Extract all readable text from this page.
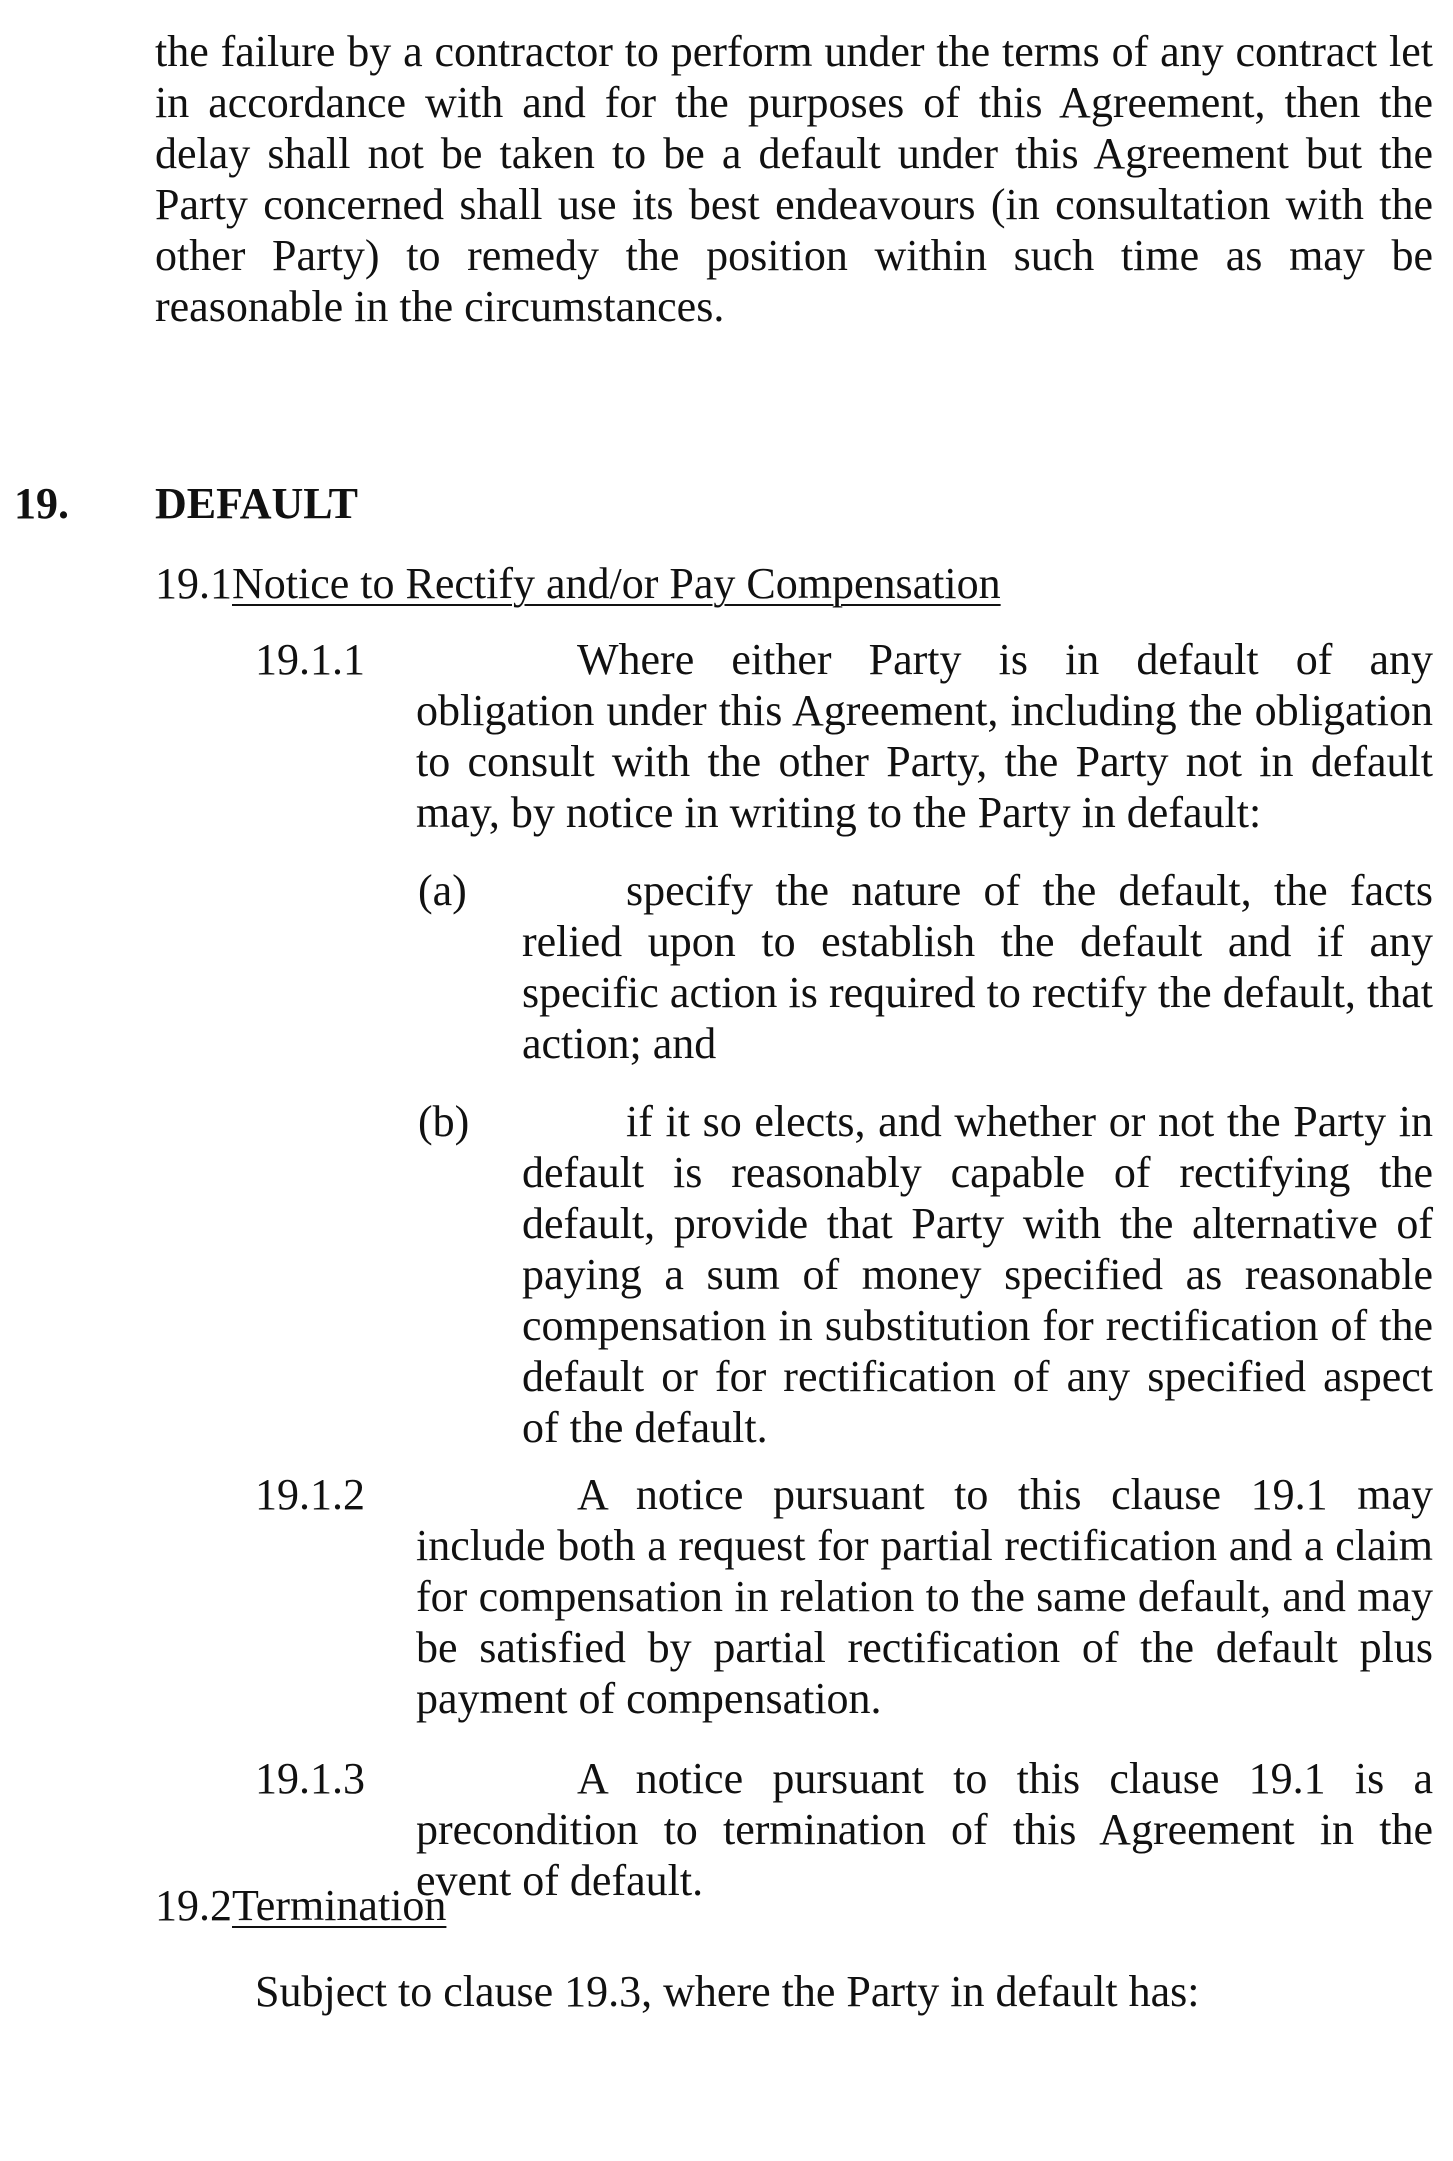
the failure by a contractor to perform under the terms of any contract let in accordance with and for the purposes of this Agreement, then the delay shall not be taken to be a default under this Agreement but the Party concerned shall use its best endeavours (in consultation with the other Party) to remedy the position within such time as may be reasonable in the circumstances.

19. DEFAULT
19.1Notice to Rectify and/or Pay Compensation
19.1.1	Where either Party is in default of any obligation under this Agreement, including the obligation to consult with the other Party, the Party not in default may, by notice in writing to the Party in default:

(a)	specify the nature of the default, the facts relied upon to establish the default and if any specific action is required to rectify the default, that action; and

(b)	if it so elects, and whether or not the Party in default is reasonably capable of rectifying the default, provide that Party with the alternative of paying a sum of money specified as reasonable compensation in substitution for rectification of the default or for rectification of any specified aspect of the default.

19.1.2	A notice pursuant to this clause 19.1 may include both a request for partial rectification and a claim for compensation in relation to the same default, and may be satisfied by partial rectification of the default plus payment of compensation.

19.1.3	A notice pursuant to this clause 19.1 is a precondition to termination of this Agreement in the event of default.

19.2Termination

Subject to clause 19.3, where the Party in default has:
